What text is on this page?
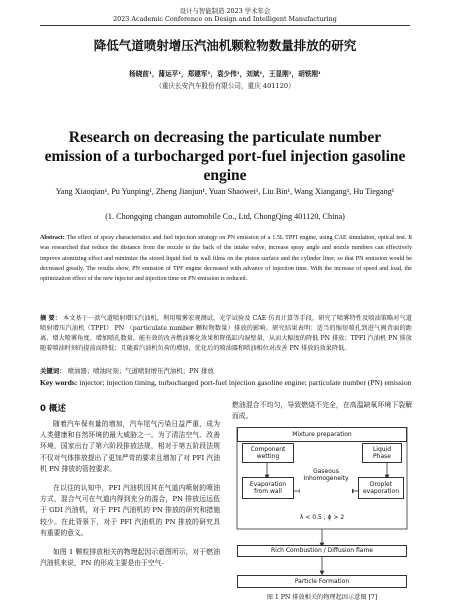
设计与智能制造 2023 学术年会
2023 Academic Conference on Design and Intelligent Manufacturing
降低气道喷射增压汽油机颗粒物数量排放的研究
杨晓前¹，蒲运平¹，郑建军¹，袁少伟¹，刘斌¹，王显刚¹，胡铁刚¹
（重庆长安汽车股份有限公司，重庆 401120）
Research on decreasing the particulate number emission of a turbocharged port-fuel injection gasoline engine
Yang Xiaoqian¹, Pu Yunping¹, Zheng Jianjun¹, Yuan Shaowei¹, Liu Bin¹, Wang Xiangang¹, Hu Tiegang¹
(1. Chongqing changan automobile Co., Ltd, ChongQing 401120, China)
Abstract: The effect of spray characteristics and fuel injection strategy on PN emission of a 1.5L TPFI engine, using CAE simulation, optical test. It was researched that reduce the distance from the nozzle to the back of the intake valve, increase spray angle and nozzle numbers can effectively improve atomizing effect and minimize the stored liquid fuel in wall films on the piston surface and the cylinder liner, so that PN emission would be decreased greatly. The results show, PN emission of TPF engine decreased with advance of injection time. With the increase of speed and load, the optimization effect of the new injector and injection time on PN emission is reduced.
摘 要： 本文基于一款气道喷射增压汽油机，利用喷雾宏观测试、光学试验及 CAE 仿真计算等手段，研究了喷雾特性及喷油策略对气道喷射增压汽油机（TPFI） PN （particulate number 颗粒物数量）排放的影响。研究结果表明：适当的缩短喷孔到进气阀背面的距离、增大喷雾角度、增加喷孔数量，能有效的改善燃油雾化效果和降低缸内湿壁量，从而大幅度的降低 PN 排放；TPFI 汽油机 PN 排放随着喷油时刻的提前而降低；且随着汽油机负荷的增加，优化后的喷油器和喷油相位对改善 PN 排放的效果降低。
关键词： 喷油器；喷油时刻；气道喷射增压汽油机；PN 排放
Key words: injector; injection timing, turbocharged port-fuel injection gasoline engine; particulate number (PN) emission
0 概述

随着汽车保有量的增加，汽车尾气污染日益严重，成为人类健康和自然环境的最大威胁之一。为了清洁空气、改善环境，国家出台了第六阶段排放法规，相对于第五阶段法规不仅对气体排放提出了更加严苛的要求且增加了对 PFI 汽油机 PN 排放的管控要求。

在以往的认知中，PFI 汽油机因其在气道内喷射的喷油方式，混合气可在气道内得到充分的混合，PN 排放远远低于 GDI 汽油机，对于 PFI 汽油机的 PN 排放的研究和措施较少。在此背景下，对于 PFI 汽油机的 PN 排放的研究具有重要的意义。

如图 1 颗粒排放相关的物理起因示意图所示，对于燃油汽油机来说，PN 的形成主要是由于空气-

燃油混合不均匀，导致燃烧不完全，在高温缺氧环境下裂解而成。
Mixture preparation
Component
wetting
Evaporation
from wall
Gaseous
Inhomogeneity
Liquid
Phase
Droplet
evaporation
λ < 0.5 , ϕ > 2
Rich Combustion / Diffusion flame
Particle Formation
图 1 PN 排放相关的物理起因示意图 [7]
